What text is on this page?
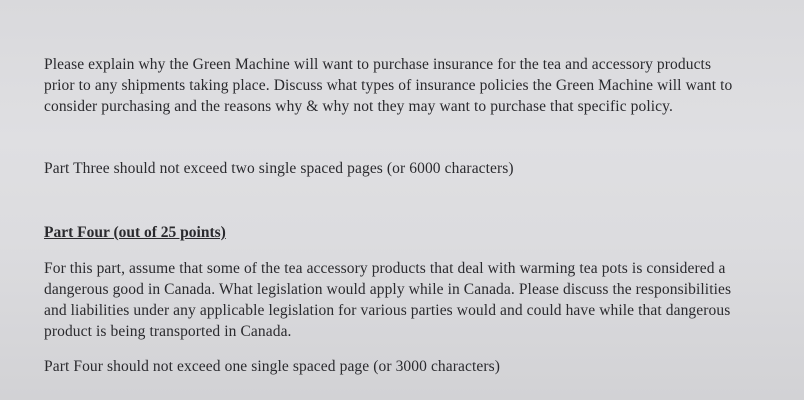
Please explain why the Green Machine will want to purchase insurance for the tea and accessory products prior to any shipments taking place. Discuss what types of insurance policies the Green Machine will want to consider purchasing and the reasons why & why not they may want to purchase that specific policy.

Part Three should not exceed two single spaced pages (or 6000 characters)

Part Four (out of 25 points)

For this part, assume that some of the tea accessory products that deal with warming tea pots is considered a dangerous good in Canada. What legislation would apply while in Canada. Please discuss the responsibilities and liabilities under any applicable legislation for various parties would and could have while that dangerous product is being transported in Canada.

Part Four should not exceed one single spaced page (or 3000 characters)
